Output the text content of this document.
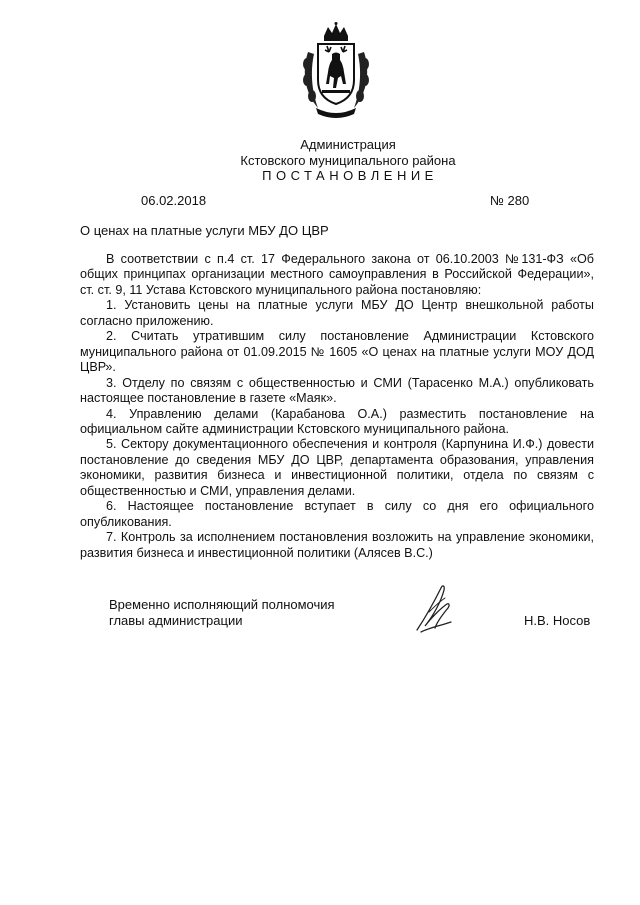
Администрация
Кстовского муниципального района
ПОСТАНОВЛЕНИЕ
06.02.2018	№ 280
О ценах на платные услуги МБУ ДО ЦВР

В соответствии с п.4 ст. 17 Федерального закона от 06.10.2003 №131-ФЗ «Об общих принципах организации местного самоуправления в Российской Федерации», ст. ст. 9, 11 Устава Кстовского муниципального района постановляю:

1. Установить цены на платные услуги МБУ ДО Центр внешкольной работы согласно приложению.

2. Считать утратившим силу постановление Администрации Кстовского муниципального района от 01.09.2015 № 1605 «О ценах на платные услуги МОУ ДОД ЦВР».

3. Отделу по связям с общественностью и СМИ (Тарасенко М.А.) опубликовать настоящее постановление в газете «Маяк».

4. Управлению делами (Карабанова О.А.) разместить постановление на официальном сайте администрации Кстовского муниципального района.

5. Сектору документационного обеспечения и контроля (Карпунина И.Ф.) довести постановление до сведения МБУ ДО ЦВР, департамента образования, управления экономики, развития бизнеса и инвестиционной политики, отдела по связям с общественностью и СМИ, управления делами.

6. Настоящее постановление вступает в силу со дня его официального опубликования.

7. Контроль за исполнением постановления возложить на управление экономики, развития бизнеса и инвестиционной политики (Алясев В.С.)

Временно исполняющий полномочия
главы администрации	Н.В. Носов
